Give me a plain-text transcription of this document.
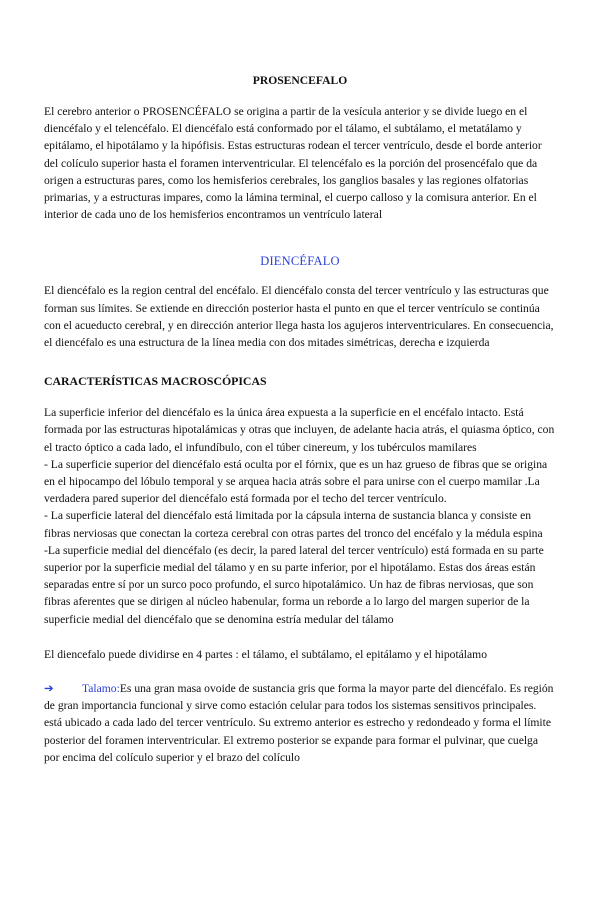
PROSENCEFALO

El cerebro anterior o PROSENCÉFALO se origina a partir de la vesícula anterior y se divide luego en el diencéfalo y el telencéfalo. El diencéfalo está conformado por el tálamo, el subtálamo, el metatálamo y epitálamo, el hipotálamo y la hipófisis. Estas estructuras rodean el tercer ventrículo, desde el borde anterior del colículo superior hasta el foramen interventricular. El telencéfalo es la porción del prosencéfalo que da origen a estructuras pares, como los hemisferios cerebrales, los ganglios basales y las regiones olfatorias primarias, y a estructuras impares, como la lámina terminal, el cuerpo calloso y la comisura anterior. En el interior de cada uno de los hemisferios encontramos un ventrículo lateral

DIENCÉFALO

El diencéfalo es la region central del encéfalo. El diencéfalo consta del tercer ventrículo y las estructuras que forman sus límites. Se extiende en dirección posterior hasta el punto en que el tercer ventrículo se continúa con el acueducto cerebral, y en dirección anterior llega hasta los agujeros interventriculares. En consecuencia, el diencéfalo es una estructura de la línea media con dos mitades simétricas, derecha e izquierda

CARACTERÍSTICAS MACROSCÓPICAS

La superficie inferior del diencéfalo es la única área expuesta a la superficie en el encéfalo intacto. Está formada por las estructuras hipotalámicas y otras que incluyen, de adelante hacia atrás, el quiasma óptico, con el tracto óptico a cada lado, el infundíbulo, con el túber cinereum, y los tubérculos mamilares

- La superficie superior del diencéfalo está oculta por el fórnix, que es un haz grueso de fibras que se origina en el hipocampo del lóbulo temporal y se arquea hacia atrás sobre el para unirse con el cuerpo mamilar .La verdadera pared superior del diencéfalo está formada por el techo del tercer ventrículo.

- La superficie lateral del diencéfalo está limitada por la cápsula interna de sustancia blanca y consiste en fibras nerviosas que conectan la corteza cerebral con otras partes del tronco del encéfalo y la médula espina

-La superficie medial del diencéfalo (es decir, la pared lateral del tercer ventrículo) está formada en su parte superior por la superficie medial del tálamo y en su parte inferior, por el hipotálamo. Estas dos áreas están separadas entre sí por un surco poco profundo, el surco hipotalámico. Un haz de fibras nerviosas, que son fibras aferentes que se dirigen al núcleo habenular, forma un reborde a lo largo del margen superior de la superficie medial del diencéfalo que se denomina estría medular del tálamo

El diencefalo puede dividirse en 4 partes : el tálamo, el subtálamo, el epitálamo y el hipotálamo

➔ Talamo:Es una gran masa ovoide de sustancia gris que forma la mayor parte del diencéfalo. Es región de gran importancia funcional y sirve como estación celular para todos los sistemas sensitivos principales. está ubicado a cada lado del tercer ventrículo. Su extremo anterior es estrecho y redondeado y forma el límite posterior del foramen interventricular. El extremo posterior se expande para formar el pulvinar, que cuelga por encima del colículo superior y el brazo del colículo
